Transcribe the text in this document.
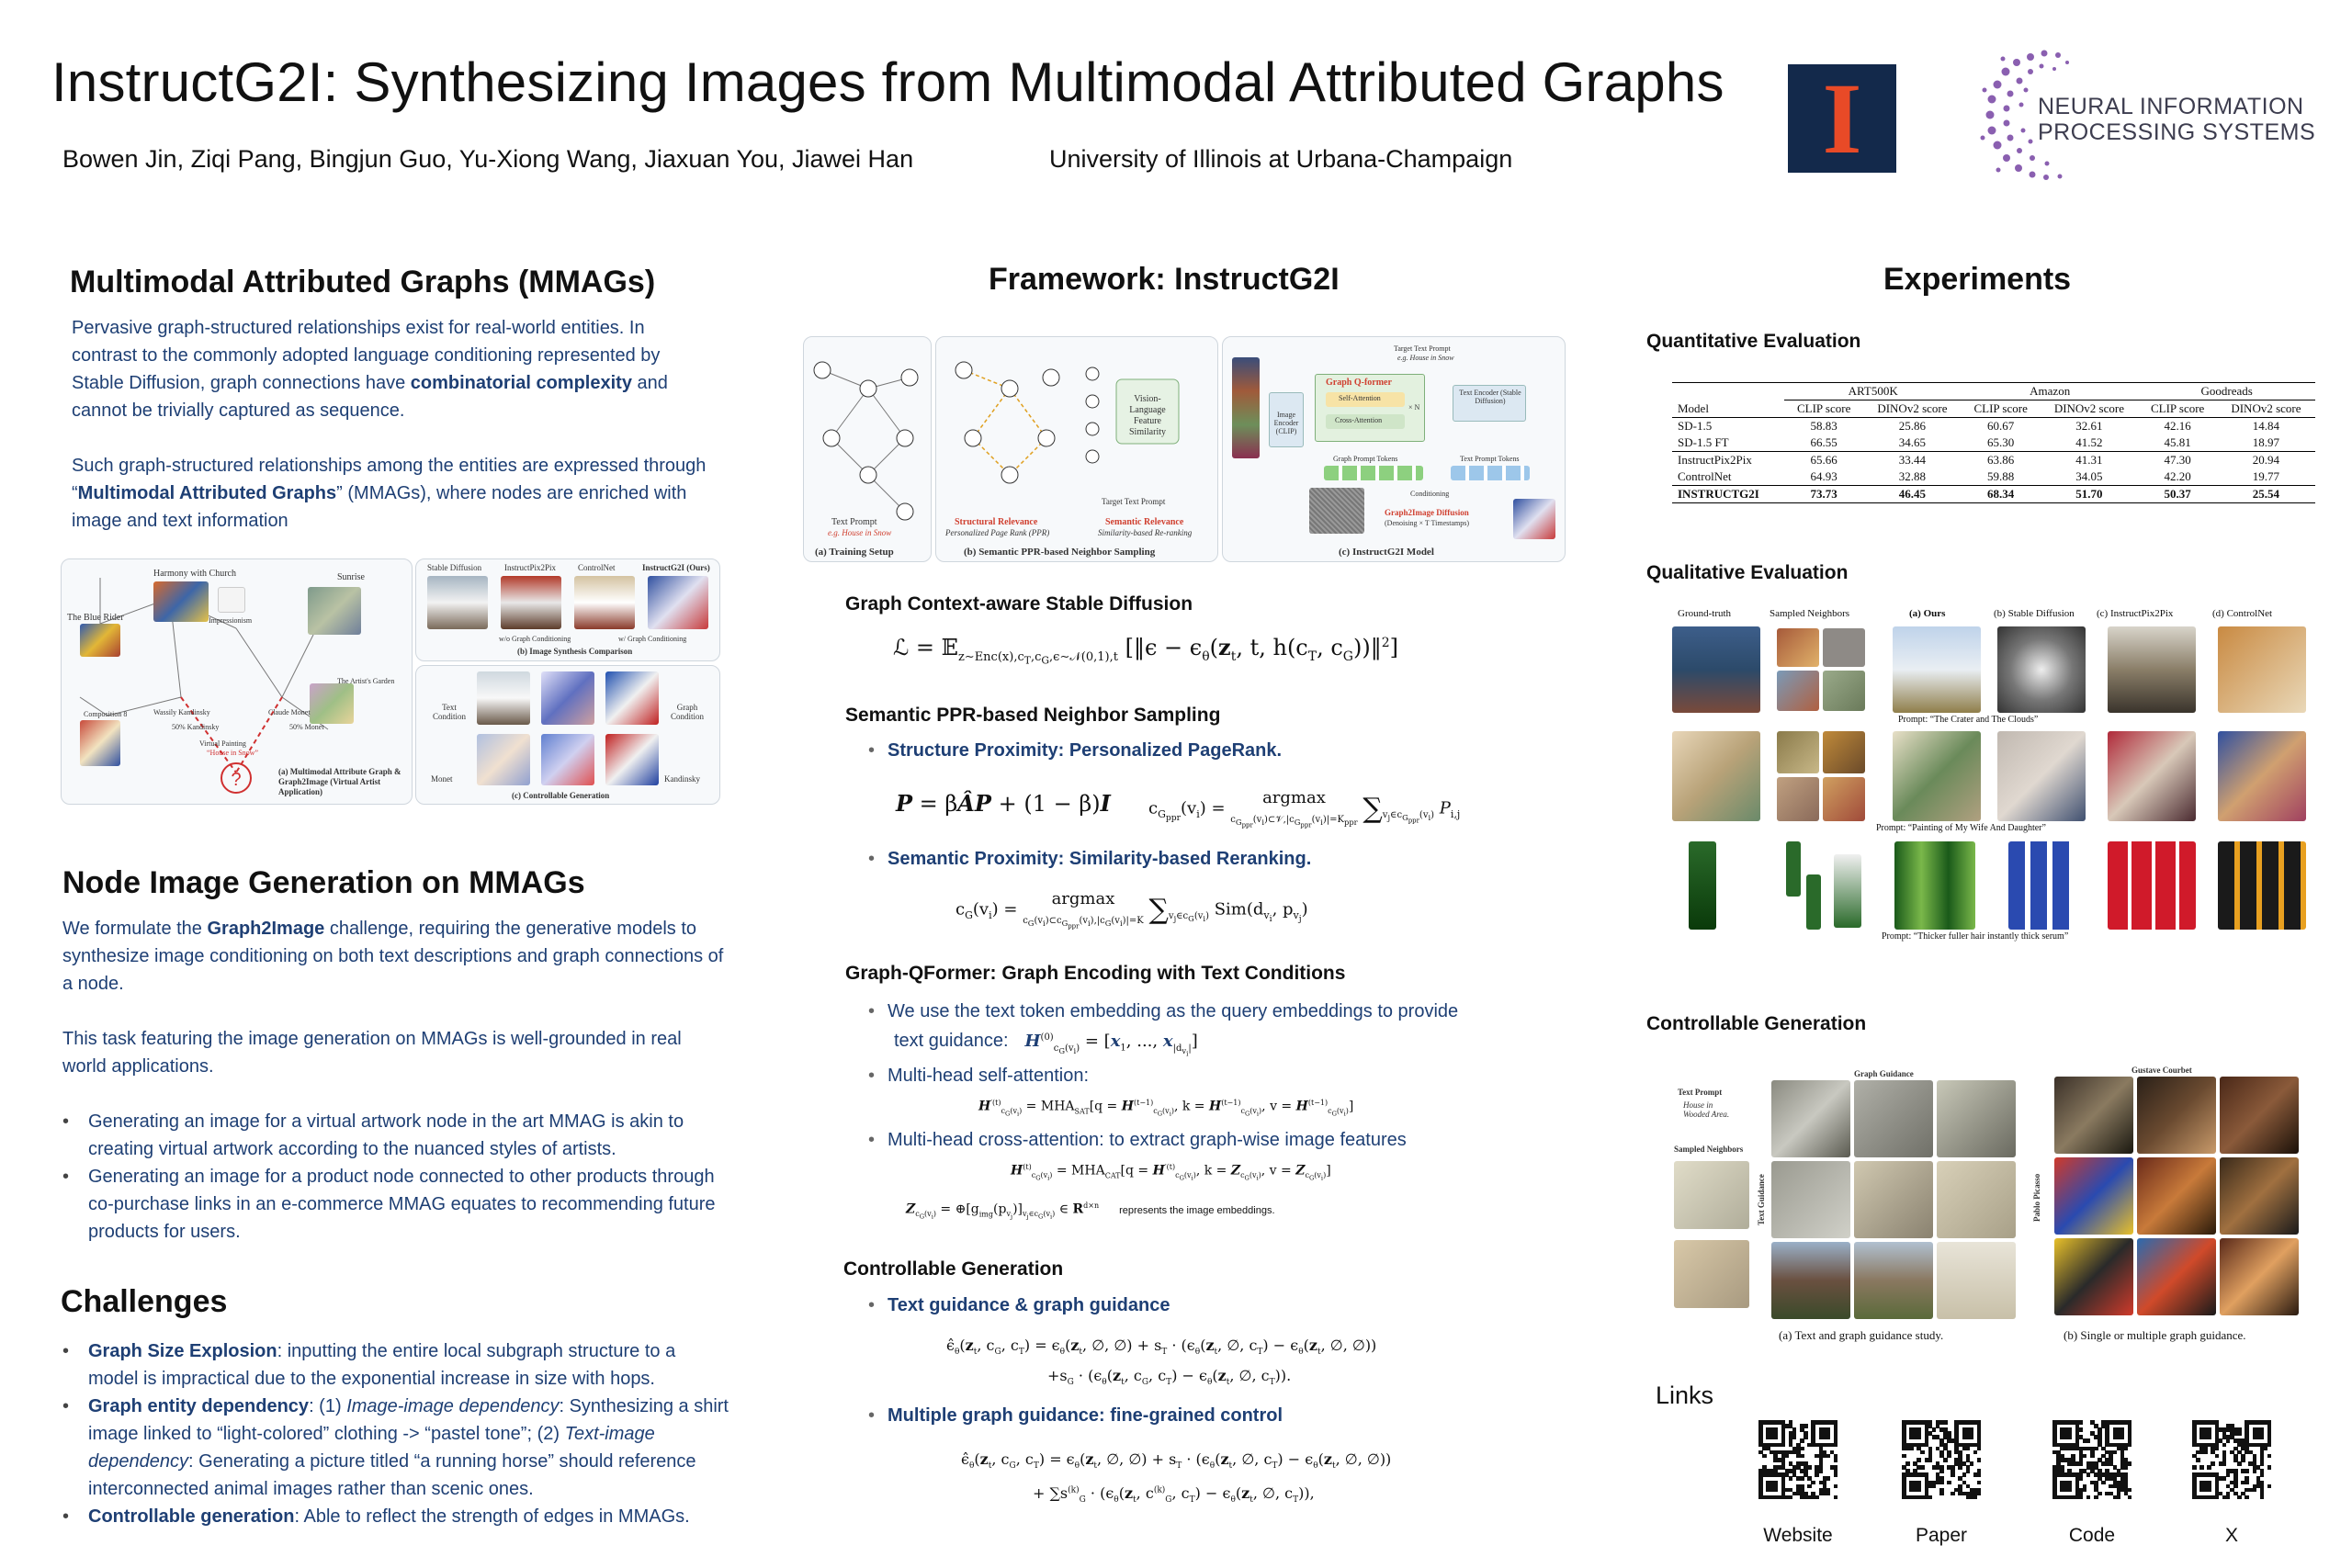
InstructG2I: Synthesizing Images from Multimodal Attributed Graphs
Bowen Jin, Ziqi Pang, Bingjun Guo, Yu-Xiong Wang, Jiaxuan You, Jiawei Han	University of Illinois at Urbana-Champaign	I	NEURAL INFORMATION
PROCESSING SYSTEMS
Multimodal Attributed Graphs (MMAGs)
Pervasive graph-structured relationships exist for real-world entities. In contrast to the commonly adopted language conditioning represented by Stable Diffusion, graph connections have combinatorial complexity and cannot be trivially captured as sequence.
Such graph-structured relationships among the entities are expressed through “Multimodal Attributed Graphs” (MMAGs), where nodes are enriched with image and text information
?
Harmony with Church
The Blue Rider	Impressionism
Sunrise
Composition 8	Wassily Kandinsky	Claude Monet
The Artist's Garden
Virtual Painting
“House in Snow”
50% Kandinsky	50% Monet
(a) Multimodal Attribute Graph & Graph2Image (Virtual Artist Application)
Stable Diffusion	InstructPix2Pix	ControlNet	InstructG2I (Ours)
w/o Graph Conditioning	w/ Graph Conditioning
(b) Image Synthesis Comparison
Text Condition
Graph Condition
Monet	Kandinsky
(c) Controllable Generation
Node Image Generation on MMAGs
We formulate the Graph2Image challenge, requiring the generative models to synthesize image conditioning on both text descriptions and graph connections of a node.
This task featuring the image generation on MMAGs is well-grounded in real world applications.
• Generating an image for a virtual artwork node in the art MMAG is akin to creating virtual artwork according to the nuanced styles of artists.
• Generating an image for a product node connected to other products through co-purchase links in an e-commerce MMAG equates to recommending future products for users.
Challenges
• Graph Size Explosion: inputting the entire local subgraph structure to a model is impractical due to the exponential increase in size with hops.
• Graph entity dependency: (1) Image-image dependency: Synthesizing a shirt image linked to “light-colored” clothing -> “pastel tone”; (2) Text-image dependency: Generating a picture titled “a running horse” should reference interconnected animal images rather than scenic ones.
• Controllable generation: Able to reflect the strength of edges in MMAGs.
Framework: InstructG2I
Text Prompt
e.g. House in Snow
(a) Training Setup
Vision-Language Feature Similarity
Target Text Prompt
Structural Relevance
Personalized Page Rank (PPR)
Semantic Relevance
Similarity-based Re-ranking
(b) Semantic PPR-based Neighbor Sampling
Image Encoder (CLIP)
Graph Q-former
Self-Attention
Cross-Attention
× N
Target Text Prompt
e.g. House in Snow
Text Encoder (Stable Diffusion)
Graph Prompt Tokens	Text Prompt Tokens
Conditioning
Graph2Image Diffusion
(Denoising × T Timestamps)
(c) InstructG2I Model
Graph Context-aware Stable Diffusion
ℒ = 𝔼$_{z\sim Enc(x),c_T,c_G,\epsilon\sim 𝒩(0,1),t}$ [‖ϵ − $\epsilon_\theta(z_t$, t, $h(c_T$, $c_G))‖^2$]
Semantic PPR-based Neighbor Sampling
• Structure Proximity: Personalized PageRank.
P = βÂP + (1 − β)I $c_{G_{ppr}}(v_i) = argmax$
$c_{G_{ppr}}(v_i)\subset 𝒱,|c_{G_{ppr}}(v_i)|=K_{ppr}$ $\sum_{v_j\in c_{G_{ppr}}(v_i)}$ $P_{i,j}$
• Semantic Proximity: Similarity-based Reranking.
$c_G(v_i) = argmax$
$c_G(v_i)\subset c_{G_{ppr}}(v_i),|c_G(v_i)|=K$ $\sum_{v_j\in c_G(v_i)}$ $Sim(d_{v_i}$, $p_{v_j}$)
Graph-QFormer: Graph Encoding with Text Conditions
• We use the text token embedding as the query embeddings to provide
text guidance: $H^{(0)}_{c_G(v_i)} = [x_1$, ..., $x_{|d_{v_i}|}$]
• Multi-head self-attention:
$H^{'(t)}_{c_G(v_i)} = MHA_{SAT}[q = H^{(t-1)}_{c_G(v_i)}$, $k = H^{(t-1)}_{c_G(v_i)}$, $v = H^{(t-1)}_{c_G(v_i)}$]
• Multi-head cross-attention: to extract graph-wise image features
$H^{(t)}_{c_G(v_i)} = MHA_{CAT}[q = H^{'(t)}_{c_G(v_i)}$, $k = Z_{c_G(v_i)}$, $v = Z_{c_G(v_i)}$]
$Z_{c_G(v_i)}$ = $\oplus[g_{img}(p_{v_j})]_{v_j\in c_G(v_i)}$ ∈ $R^{d\times n}$ represents the image embeddings.
Controllable Generation
• Text guidance & graph guidance
$\epsilon̂_\theta(z_t$, $c_G$, $c_T) = \epsilon_\theta(z_t$, ∅, ∅) + $s_T \cdot (\epsilon_\theta(z_t$, ∅, $c_T) - \epsilon_\theta(z_t$, ∅, ∅))
$+s_G \cdot (\epsilon_\theta(z_t$, $c_G$, $c_T) - \epsilon_\theta(z_t$, ∅, $c_T$)).
• Multiple graph guidance: fine-grained control
$\epsilon̂_\theta(z_t$, $c_G$, $c_T) = \epsilon_\theta(z_t$, ∅, ∅) + $s_T \cdot (\epsilon_\theta(z_t$, ∅, $c_T) - \epsilon_\theta(z_t$, ∅, ∅))
+ $\sum s^{(k)}_G \cdot (\epsilon_\theta(z_t$, $c^{(k)}_G$, $c_T) - \epsilon_\theta(z_t$, ∅, $c_T$)),
Experiments
Quantitative Evaluation
	ART500K		Amazon		Goodreads	
Model	CLIP score	DINOv2 score	CLIP score	DINOv2 score	CLIP score	DINOv2 score
SD-1.5	58.83	25.86	60.67	32.61	42.16	14.84
SD-1.5 FT	66.55	34.65	65.30	41.52	45.81	18.97
InstructPix2Pix	65.66	33.44	63.86	41.31	47.30	20.94
ControlNet	64.93	32.88	59.88	34.05	42.20	19.77
INSTRUCTG2I	73.73	46.45	68.34	51.70	50.37	25.54
Qualitative Evaluation
Ground-truth	Sampled Neighbors	(a) Ours	(b) Stable Diffusion (c) InstructPix2Pix	(d) ControlNet
Prompt: “The Crater and The Clouds”
Prompt: “Painting of My Wife And Daughter”
Prompt: “Thicker fuller hair instantly thick serum”
Controllable Generation
Text Prompt
House in Wooded Area.
Sampled Neighbors
Graph Guidance
Text Guidance
(a) Text and graph guidance study.
Gustave Courbet
Pablo Picasso
(b) Single or multiple graph guidance.
Links
Website	Paper	Code	X
